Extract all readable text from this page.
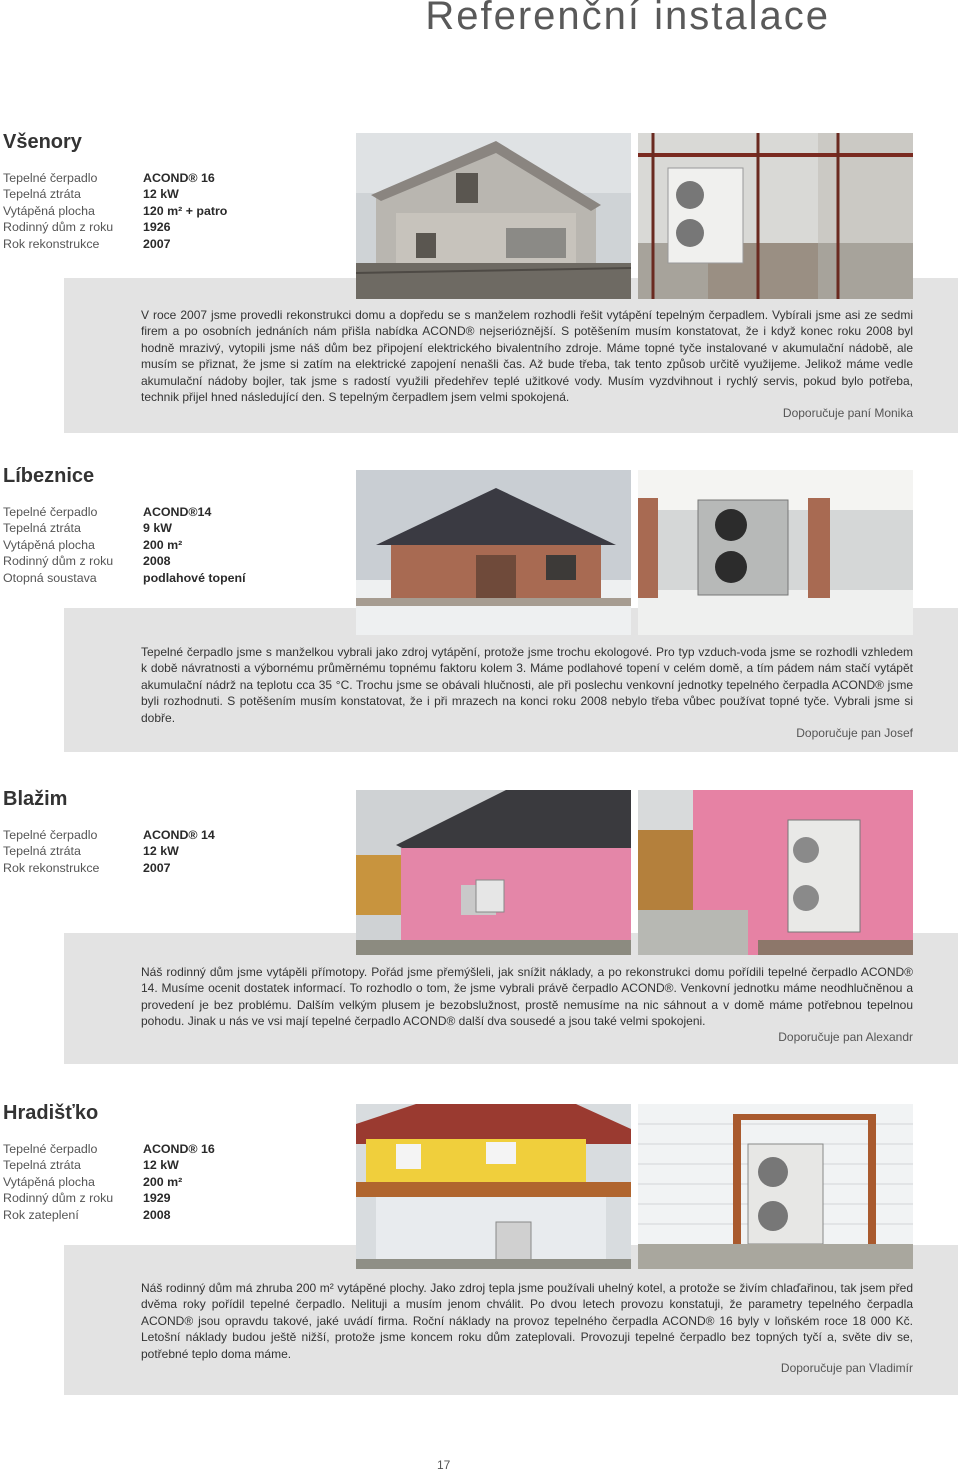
Referenční instalace
Všenory
Tepelné čerpadlo	ACOND® 16
Tepelná ztráta	12 kW
Vytápěná plocha	120 m² + patro
Rodinný dům z roku	1926
Rok rekonstrukce	2007
V roce 2007 jsme provedli rekonstrukci domu a dopředu se s manželem rozhodli řešit vytápění tepelným čerpadlem. Vybírali jsme asi ze sedmi firem a po osobních jednáních nám přišla nabídka ACOND® nejserióznější. S potěšením musím konstatovat, že i když konec roku 2008 byl hodně mrazivý, vytopili jsme náš dům bez připojení elektrického bivalentního zdroje. Máme topné tyče instalované v akumulační nádobě, ale musím se přiznat, že jsme si zatím na elektrické zapojení nenašli čas. Až bude třeba, tak tento způsob určitě využijeme. Jelikož máme vedle akumulační nádoby bojler, tak jsme s radostí využili předehřev teplé užitkové vody. Musím vyzdvihnout i rychlý servis, pokud bylo potřeba, technik přijel hned následující den. S tepelným čerpadlem jsem velmi spokojená.
Doporučuje paní Monika
Líbeznice
Tepelné čerpadlo	ACOND®14
Tepelná ztráta	9 kW
Vytápěná plocha	200 m²
Rodinný dům z roku	2008
Otopná soustava	podlahové topení
Tepelné čerpadlo jsme s manželkou vybrali jako zdroj vytápění, protože jsme trochu ekologové. Pro typ vzduch-voda jsme se rozhodli vzhledem k době návratnosti a výbornému průměrnému topnému faktoru kolem 3. Máme podlahové topení v celém domě, a tím pádem nám stačí vytápět akumulační nádrž na teplotu cca 35 °C. Trochu jsme se obávali hlučnosti, ale při poslechu venkovní jednotky tepelného čerpadla ACOND® jsme byli rozhodnuti. S potěšením musím konstatovat, že i při mrazech na konci roku 2008 nebylo třeba vůbec používat topné tyče. Vybrali jsme si dobře.
Doporučuje pan Josef
Blažim
Tepelné čerpadlo	ACOND® 14
Tepelná ztráta	12 kW
Rok rekonstrukce	2007
Náš rodinný dům jsme vytápěli přímotopy. Pořád jsme přemýšleli, jak snížit náklady, a po rekonstrukci domu pořídili tepelné čerpadlo ACOND® 14. Musíme ocenit dostatek informací. To rozhodlo o tom, že jsme vybrali právě čerpadlo ACOND®. Venkovní jednotku máme neodhlučněnou a provedení je bez problému. Dalším velkým plusem je bezobslužnost, prostě nemusíme na nic sáhnout a v domě máme potřebnou tepelnou pohodu. Jinak u nás ve vsi mají tepelné čerpadlo ACOND® další dva sousedé a jsou také velmi spokojeni.
Doporučuje pan Alexandr
Hradišťko
Tepelné čerpadlo	ACOND® 16
Tepelná ztráta	12 kW
Vytápěná plocha	200 m²
Rodinný dům z roku	1929
Rok zateplení	2008
Náš rodinný dům má zhruba 200 m² vytápěné plochy. Jako zdroj tepla jsme používali uhelný kotel, a protože se živím chlaďařinou, tak jsem před dvěma roky pořídil tepelné čerpadlo. Nelituji a musím jenom chválit. Po dvou letech provozu konstatuji, že parametry tepelného čerpadla ACOND® jsou opravdu takové, jaké uvádí firma. Roční náklady na provoz tepelného čerpadla ACOND® 16 byly v loňském roce 18 000 Kč. Letošní náklady budou ještě nižší, protože jsme koncem roku dům zateplovali. Provozuji tepelné čerpadlo bez topných tyčí a, světe div se, potřebné teplo doma máme.
Doporučuje pan Vladimír
17
